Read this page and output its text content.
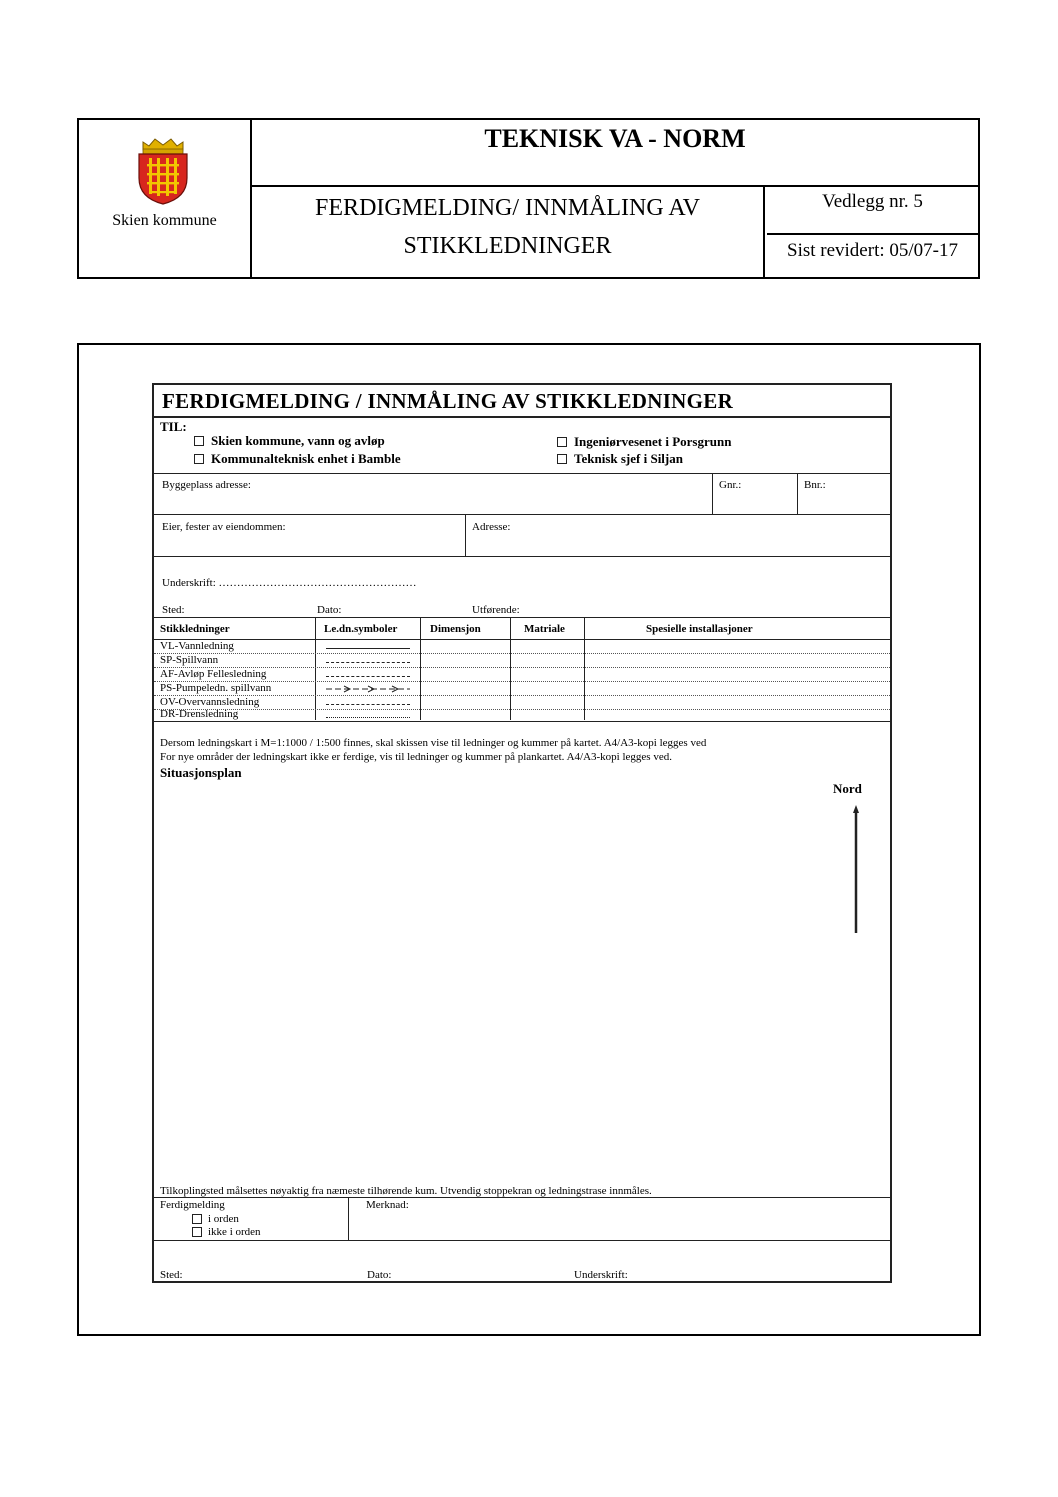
Skien kommune
TEKNISK VA - NORM
FERDIGMELDING/ INNMÅLING AV
STIKKLEDNINGER
Vedlegg nr. 5
Sist revidert: 05/07-17
FERDIGMELDING / INNMÅLING AV STIKKLEDNINGER
TIL:
Skien kommune, vann og avløp
Kommunalteknisk enhet i Bamble
Ingeniørvesenet i Porsgrunn
Teknisk sjef i Siljan
Byggeplass adresse:	Gnr.:	Bnr.:
Eier, fester av eiendommen:	Adresse:
Underskrift: ………………………………………………
Sted:	Dato:	Utførende:
Stikkledninger	Le.dn.symboler	Dimensjon	Matriale	Spesielle installasjoner
VL-Vannledning
SP-Spillvann
AF-Avløp Fellesledning
PS-Pumpeledn. spillvann
OV-Overvannsledning
DR-Drensledning
Dersom ledningskart i M=1:1000 / 1:500 finnes, skal skissen vise til ledninger og kummer på kartet. A4/A3-kopi legges ved
For nye områder der ledningskart ikke er ferdige, vis til ledninger og kummer på plankartet. A4/A3-kopi legges ved.
Situasjonsplan
Nord
Tilkoplingsted målsettes nøyaktig fra næmeste tilhørende kum. Utvendig stoppekran og ledningstrase innmåles.
Ferdigmelding
i orden
ikke i orden
Merknad:
Sted:	Dato:	Underskrift:
